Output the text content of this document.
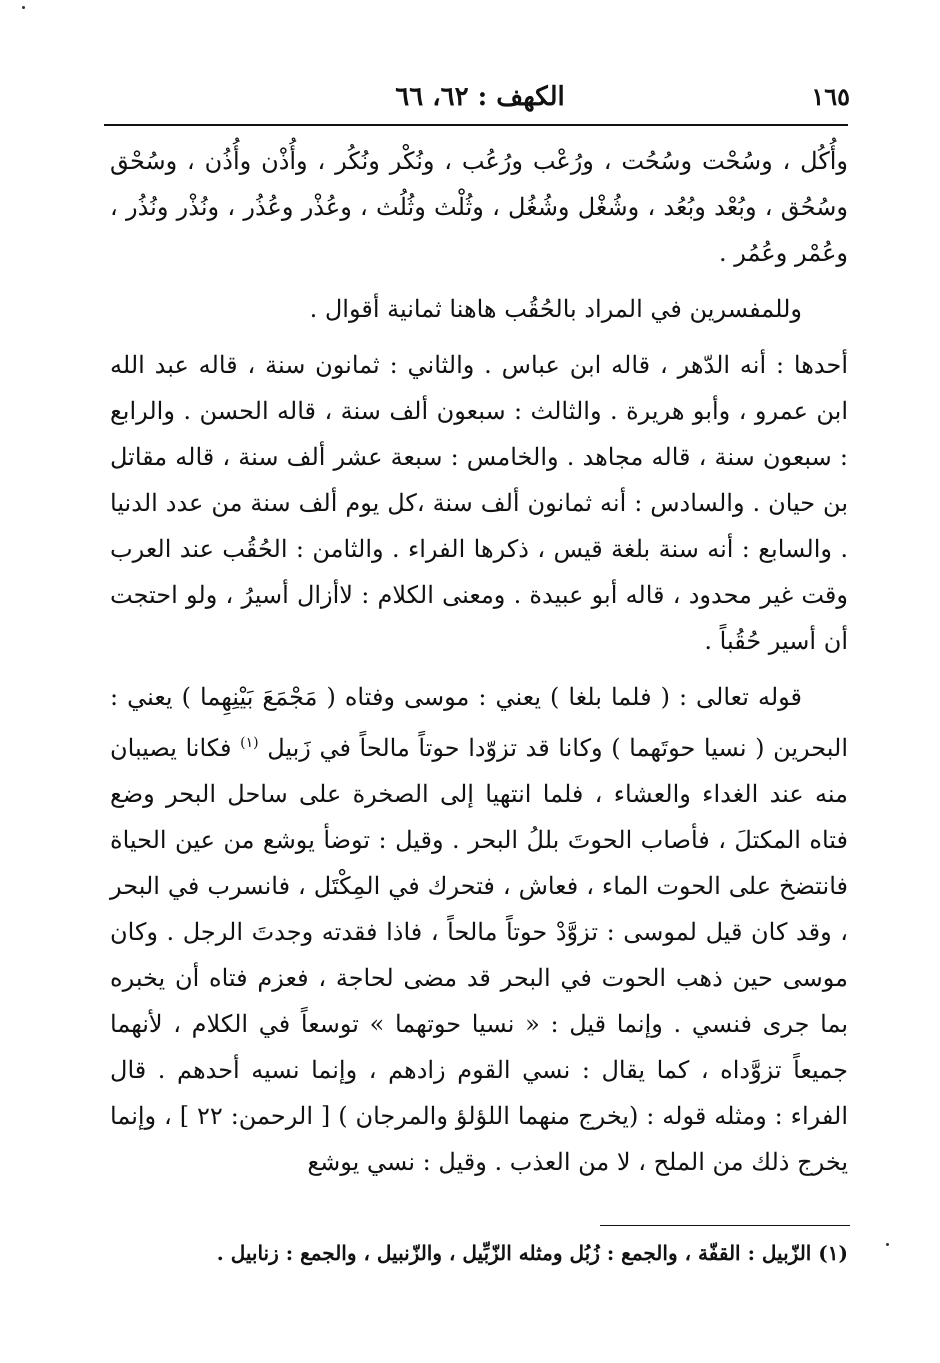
الكهف : ٦٢، ٦٦	١٦٥

وأُكُل ، وسُحْت وسُحُت ، ورُعْب ورُعُب ، ونُكْر ونُكُر ، وأُذْن وأُذُن ، وسُحْق وسُحُق ، وبُعْد وبُعُد ، وشُغْل وشُغُل ، وثُلْث وثُلُث ، وعُذْر وعُذُر ، ونُذْر ونُذُر ، وعُمْر وعُمُر .

وللمفسرين في المراد بالحُقُب هاهنا ثمانية أقوال .

أحدها : أنه الدّهر ، قاله ابن عباس . والثاني : ثمانون سنة ، قاله عبد الله ابن عمرو ، وأبو هريرة . والثالث : سبعون ألف سنة ، قاله الحسن . والرابع : سبعون سنة ، قاله مجاهد . والخامس : سبعة عشر ألف سنة ، قاله مقاتل بن حيان . والسادس : أنه ثمانون ألف سنة ،كل يوم ألف سنة من عدد الدنيا . والسابع : أنه سنة بلغة قيس ، ذكرها الفراء . والثامن : الحُقُب عند العرب وقت غير محدود ، قاله أبو عبيدة . ومعنى الكلام : لاأزال أسيرُ ، ولو احتجت أن أسير حُقُباً .

قوله تعالى : ( فلما بلغا ) يعني : موسى وفتاه ( مَجْمَعَ بَيْنِهِما ) يعني : البحرين ( نسيا حوتَهما ) وكانا قد تزوّدا حوتاً مالحاً في زَبيل $^{(١)}$ فكانا يصيبان منه عند الغداء والعشاء ، فلما انتهيا إلى الصخرة على ساحل البحر وضع فتاه المكتلَ ، فأصاب الحوتَ بللُ البحر . وقيل : توضأ يوشع من عين الحياة فانتضخ على الحوت الماء ، فعاش ، فتحرك في المِكْتَل ، فانسرب في البحر ، وقد كان قيل لموسى : تزوَّدْ حوتاً مالحاً ، فاذا فقدته وجدتَ الرجل . وكان موسى حين ذهب الحوت في البحر قد مضى لحاجة ، فعزم فتاه أن يخبره بما جرى فنسي . وإنما قيل : « نسيا حوتهما » توسعاً في الكلام ، لأنهما جميعاً تزوَّداه ، كما يقال : نسي القوم زادهم ، وإنما نسيه أحدهم . قال الفراء : ومثله قوله : (يخرج منهما اللؤلؤ والمرجان ) [ الرحمن: ٢٢ ] ، وإنما يخرج ذلك من الملح ، لا من العذب . وقيل : نسي يوشع

(١) الزّبيل : القفّة ، والجمع : زُبُل ومثله الزّبِّيل ، والزّنبيل ، والجمع : زنابيل .
